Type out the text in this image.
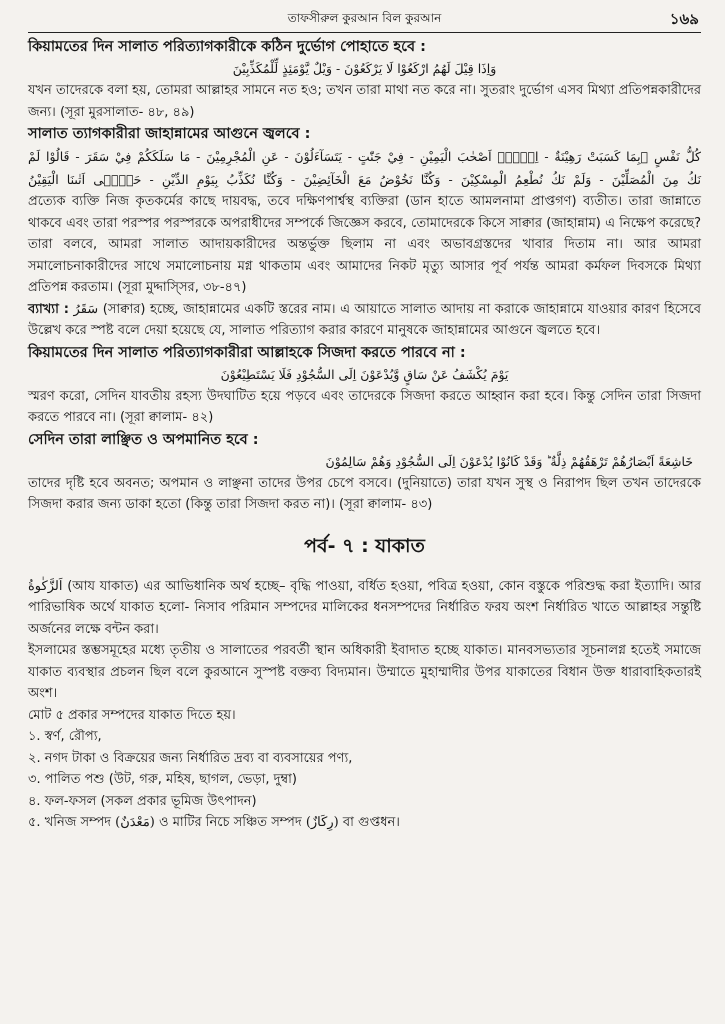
তাফসীরুল কুরআন বিল কুরআন	১৬৯
কিয়ামতের দিন সালাত পরিত্যাগকারীকে কঠিন দুর্ভোগ পোহাতে হবে :
وَاِذَا قِيْلَ لَهُمُ ارْكَعُوْا لَا يَرْكَعُوْنَ - وَيْلٌ يَّوْمَئِذٍ لِّلْمُكَذِّبِيْنَ

যখন তাদেরকে বলা হয়, তোমরা আল্লাহর সামনে নত হও; তখন তারা মাথা নত করে না। সুতরাং দুর্ভোগ এসব মিথ্যা প্রতিপন্নকারীদের জন্য। (সূরা মুরসালাত- ৪৮, ৪৯)

সালাত ত্যাগকারীরা জাহান্নামের আগুনে জ্বলবে :
كُلُّ نَفْسٍ ۢبِمَا كَسَبَتْ رَهِيْنَةٌ - اِلَّاۤ اَصْحٰبَ الْيَمِيْنِ - فِيْ جَنّٰتٍ - يَتَسَآءَلُوْنَ - عَنِ الْمُجْرِمِيْنَ - مَا سَلَكَكُمْ فِيْ سَقَرَ - قَالُوْا لَمْ
نَكُ مِنَ الْمُصَلِّيْنَ - وَلَمْ نَكُ نُطْعِمُ الْمِسْكِيْنَ - وَكُنَّا نَخُوْضُ مَعَ الْخَآئِضِيْنَ - وَكُنَّا نُكَذِّبُ بِيَوْمِ الدِّيْنِ - حَتّٰۤى اَتٰىنَا الْيَقِيْنُ

প্রত্যেক ব্যক্তি নিজ কৃতকর্মের কাছে দায়বদ্ধ, তবে দক্ষিণপার্শ্বস্থ ব্যক্তিরা (ডান হাতে আমলনামা প্রাপ্তগণ) ব্যতীত। তারা জান্নাতে থাকবে এবং তারা পরস্পর পরস্পরকে অপরাধীদের সম্পর্কে জিজ্ঞেস করবে, তোমাদেরকে কিসে সাক্বার (জাহান্নাম) এ নিক্ষেপ করেছে? তারা বলবে, আমরা সালাত আদায়কারীদের অন্তর্ভুক্ত ছিলাম না এবং অভাবগ্রস্তদের খাবার দিতাম না। আর আমরা সমালোচনাকারীদের সাথে সমালোচনায় মগ্ন থাকতাম এবং আমাদের নিকট মৃত্যু আসার পূর্ব পর্যন্ত আমরা কর্মফল দিবসকে মিথ্যা প্রতিপন্ন করতাম। (সূরা মুদ্দাস্সির, ৩৮-৪৭)

ব্যাখ্যা : سَقَرُ (সাক্বার) হচ্ছে, জাহান্নামের একটি স্তরের নাম। এ আয়াতে সালাত আদায় না করাকে জাহান্নামে যাওয়ার কারণ হিসেবে উল্লেখ করে স্পষ্ট বলে দেয়া হয়েছে যে, সালাত পরিত্যাগ করার কারণে মানুষকে জাহান্নামের আগুনে জ্বলতে হবে।

কিয়ামতের দিন সালাত পরিত্যাগকারীরা আল্লাহকে সিজদা করতে পারবে না :
يَوْمَ يُكْشَفُ عَنْ سَاقٍ وَّيُدْعَوْنَ اِلَى السُّجُوْدِ فَلَا يَسْتَطِيْعُوْنَ

স্মরণ করো, সেদিন যাবতীয় রহস্য উদঘাটিত হয়ে পড়বে এবং তাদেরকে সিজদা করতে আহ্বান করা হবে। কিন্তু সেদিন তারা সিজদা করতে পারবে না। (সূরা ক্বালাম- ৪২)

সেদিন তারা লাঞ্ছিত ও অপমানিত হবে :
خَاشِعَةً اَبْصَارُهُمْ تَرْهَقُهُمْ ذِلَّةٌ ؕ وَقَدْ كَانُوْا يُدْعَوْنَ اِلَى السُّجُوْدِ وَهُمْ سَالِمُوْنَ

তাদের দৃষ্টি হবে অবনত; অপমান ও লাঞ্ছনা তাদের উপর চেপে বসবে। (দুনিয়াতে) তারা যখন সুস্থ ও নিরাপদ ছিল তখন তাদেরকে সিজদা করার জন্য ডাকা হতো (কিন্তু তারা সিজদা করত না)। (সূরা ক্বালাম- ৪৩)

পর্ব- ৭ : যাকাত

اَلزَّكٰوةُ (আয যাকাত) এর আভিধানিক অর্থ হচ্ছে– বৃদ্ধি পাওয়া, বর্ধিত হওয়া, পবিত্র হওয়া, কোন বস্তুকে পরিশুদ্ধ করা ইত্যাদি। আর পারিভাষিক অর্থে যাকাত হলো- নিসাব পরিমান সম্পদের মালিকের ধনসম্পদের নির্ধারিত ফরয অংশ নির্ধারিত খাতে আল্লাহর সন্তুষ্টি অর্জনের লক্ষে বন্টন করা।

ইসলামের স্তম্ভসমূহের মধ্যে তৃতীয় ও সালাতের পরবর্তী স্থান অধিকারী ইবাদাত হচ্ছে যাকাত। মানবসভ্যতার সূচনালগ্ন হতেই সমাজে যাকাত ব্যবস্থার প্রচলন ছিল বলে কুরআনে সুস্পষ্ট বক্তব্য বিদ্যমান। উম্মাতে মুহাম্মাদীর উপর যাকাতের বিধান উক্ত ধারাবাহিকতারই অংশ।

মোট ৫ প্রকার সম্পদের যাকাত দিতে হয়।

১. স্বর্ণ, রৌপ্য,
২. নগদ টাকা ও বিক্রয়ের জন্য নির্ধারিত দ্রব্য বা ব্যবসায়ের পণ্য,
৩. পালিত পশু (উট, গরু, মহিষ, ছাগল, ভেড়া, দুম্বা)
৪. ফল-ফসল (সকল প্রকার ভূমিজ উৎপাদন)
৫. খনিজ সম্পদ (مَعْدَنٌ) ও মাটির নিচে সঞ্চিত সম্পদ (رِكَازٌ) বা গুপ্তধন।
